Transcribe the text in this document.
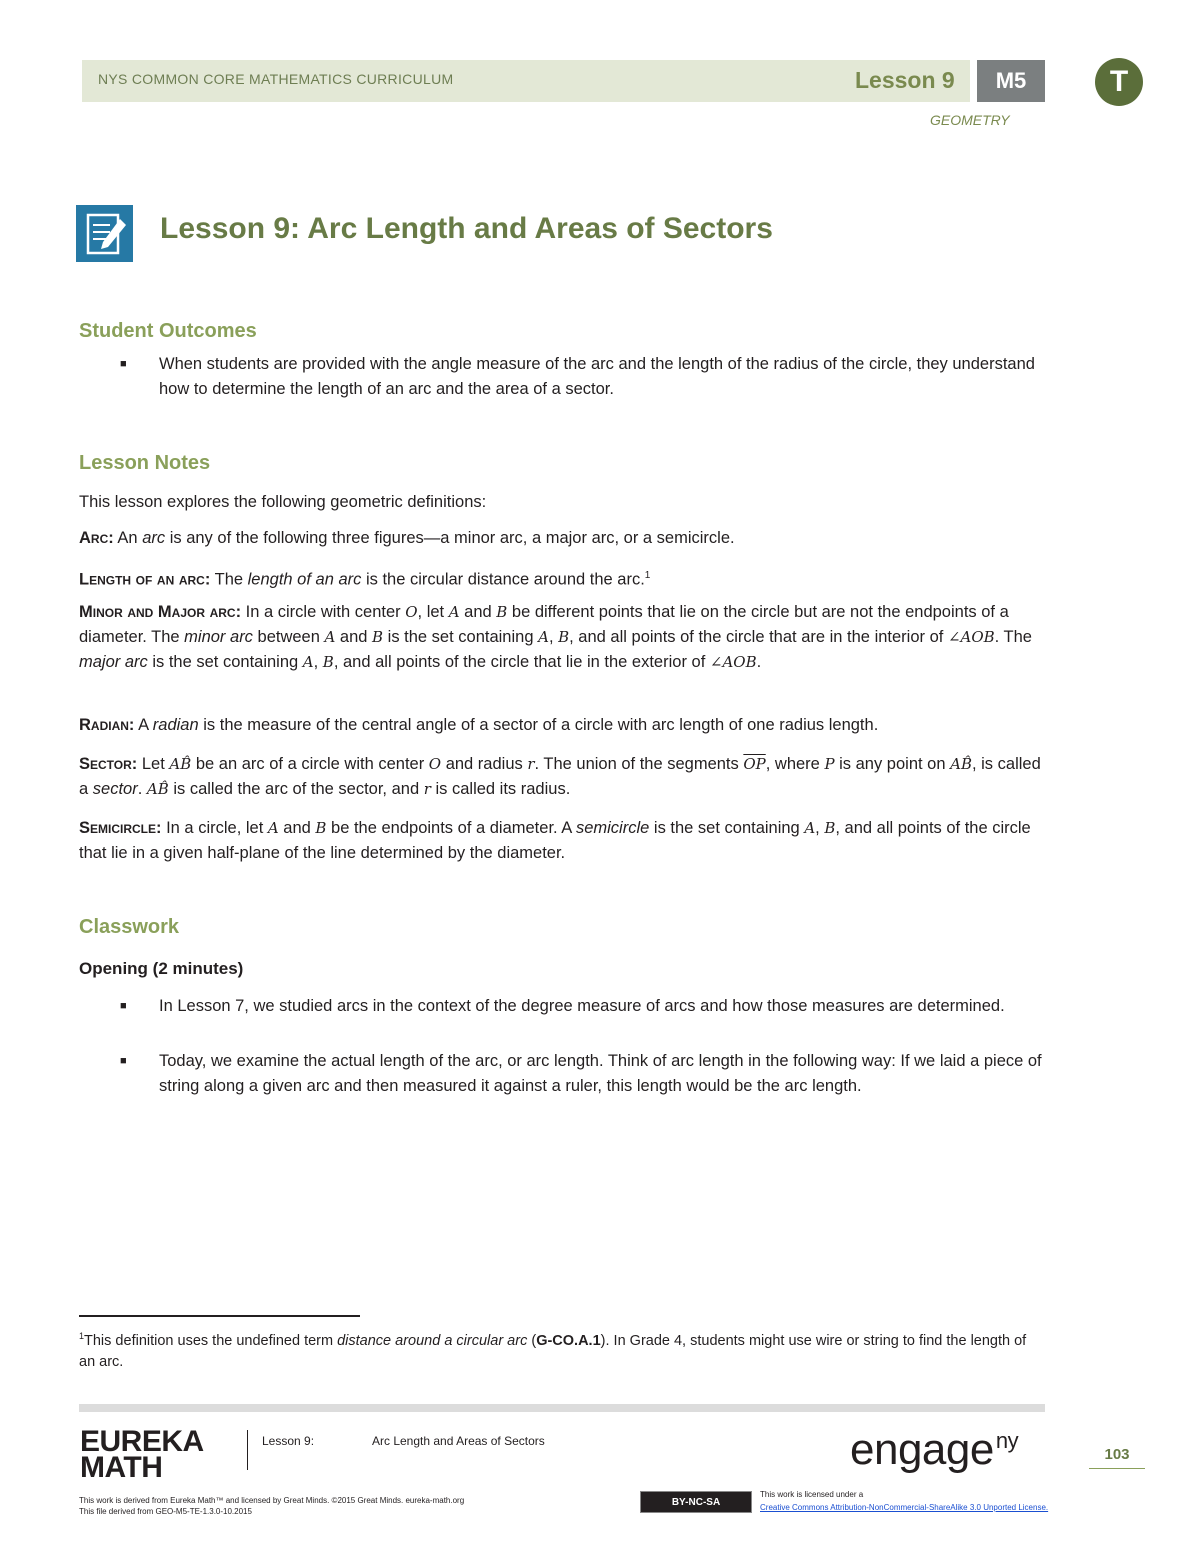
NYS COMMON CORE MATHEMATICS CURRICULUM	Lesson 9	M5	T
GEOMETRY
Lesson 9: Arc Length and Areas of Sectors
Student Outcomes
■ When students are provided with the angle measure of the arc and the length of the radius of the circle, they understand how to determine the length of an arc and the area of a sector.
Lesson Notes
This lesson explores the following geometric definitions:
Arc: An arc is any of the following three figures—a minor arc, a major arc, or a semicircle.
Length of an arc: The length of an arc is the circular distance around the arc.$^1$
Minor and Major arc: In a circle with center O, let A and B be different points that lie on the circle but are not the endpoints of a diameter. The minor arc between A and B is the set containing A, B, and all points of the circle that are in the interior of ∠AOB. The major arc is the set containing A, B, and all points of the circle that lie in the exterior of ∠AOB.
Radian: A radian is the measure of the central angle of a sector of a circle with arc length of one radius length.
Sector: Let AB̂ be an arc of a circle with center O and radius r. The union of the segments $\overline{OP}$, where P is any point on AB̂, is called a sector. AB̂ is called the arc of the sector, and r is called its radius.
Semicircle: In a circle, let A and B be the endpoints of a diameter. A semicircle is the set containing A, B, and all points of the circle that lie in a given half-plane of the line determined by the diameter.
Classwork
Opening (2 minutes)
■ In Lesson 7, we studied arcs in the context of the degree measure of arcs and how those measures are determined.
■ Today, we examine the actual length of the arc, or arc length. Think of arc length in the following way: If we laid a piece of string along a given arc and then measured it against a ruler, this length would be the arc length.
$^1$This definition uses the undefined term distance around a circular arc (G-CO.A.1). In Grade 4, students might use wire or string to find the length of an arc.
EUREKA
MATH
Lesson 9:	Arc Length and Areas of Sectors	engage$^{ny}$
103
This work is derived from Eureka Math™ and licensed by Great Minds. ©2015 Great Minds. eureka-math.org
This file derived from GEO-M5-TE-1.3.0-10.2015
BY-NC-SA
This work is licensed under a
Creative Commons Attribution-NonCommercial-ShareAlike 3.0 Unported License.
